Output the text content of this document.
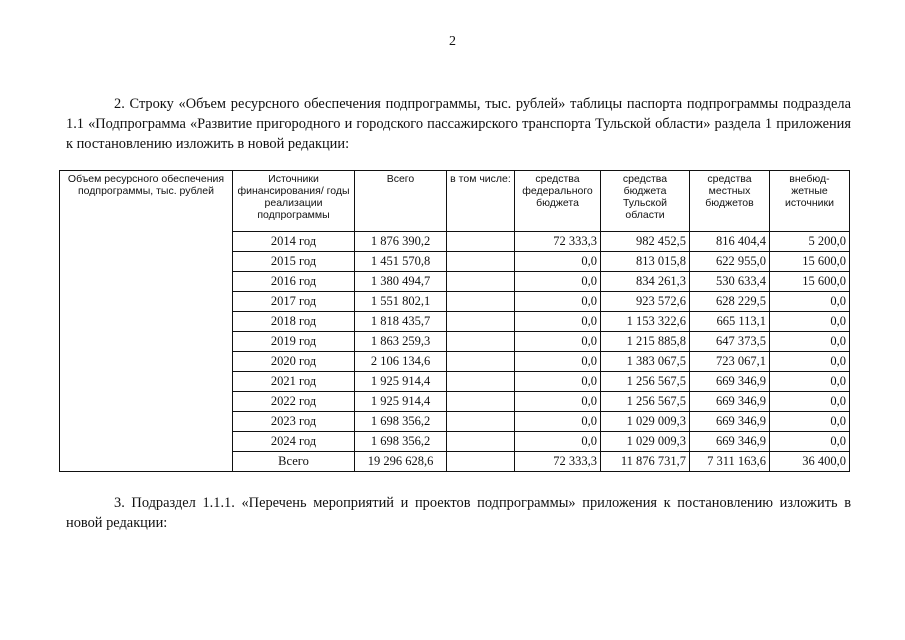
2
2. Строку «Объем ресурсного обеспечения подпрограммы, тыс. рублей» таблицы паспорта подпрограммы подраздела 1.1 «Подпрограмма «Развитие пригородного и городского пассажирского транспорта Тульской области» раздела 1 приложения к постановлению изложить в новой редакции:
Объем ресурсного обеспечения подпрограммы, тыс. рублей	Источники финансирования/ годы реализации подпрограммы	Всего	в том числе:	средства федерального бюджета	средства бюджета Тульской области	средства местных бюджетов	внебюд-жетные источники
	2014 год	1 876 390,2		72 333,3	982 452,5	816 404,4	5 200,0
	2015 год	1 451 570,8		0,0	813 015,8	622 955,0	15 600,0
	2016 год	1 380 494,7		0,0	834 261,3	530 633,4	15 600,0
	2017 год	1 551 802,1		0,0	923 572,6	628 229,5	0,0
	2018 год	1 818 435,7		0,0	1 153 322,6	665 113,1	0,0
	2019 год	1 863 259,3		0,0	1 215 885,8	647 373,5	0,0
	2020 год	2 106 134,6		0,0	1 383 067,5	723 067,1	0,0
	2021 год	1 925 914,4		0,0	1 256 567,5	669 346,9	0,0
	2022 год	1 925 914,4		0,0	1 256 567,5	669 346,9	0,0
	2023 год	1 698 356,2		0,0	1 029 009,3	669 346,9	0,0
	2024 год	1 698 356,2		0,0	1 029 009,3	669 346,9	0,0
	Всего	19 296 628,6		72 333,3	11 876 731,7	7 311 163,6	36 400,0
3. Подраздел 1.1.1. «Перечень мероприятий и проектов подпрограммы» приложения к постановлению изложить в новой редакции:
